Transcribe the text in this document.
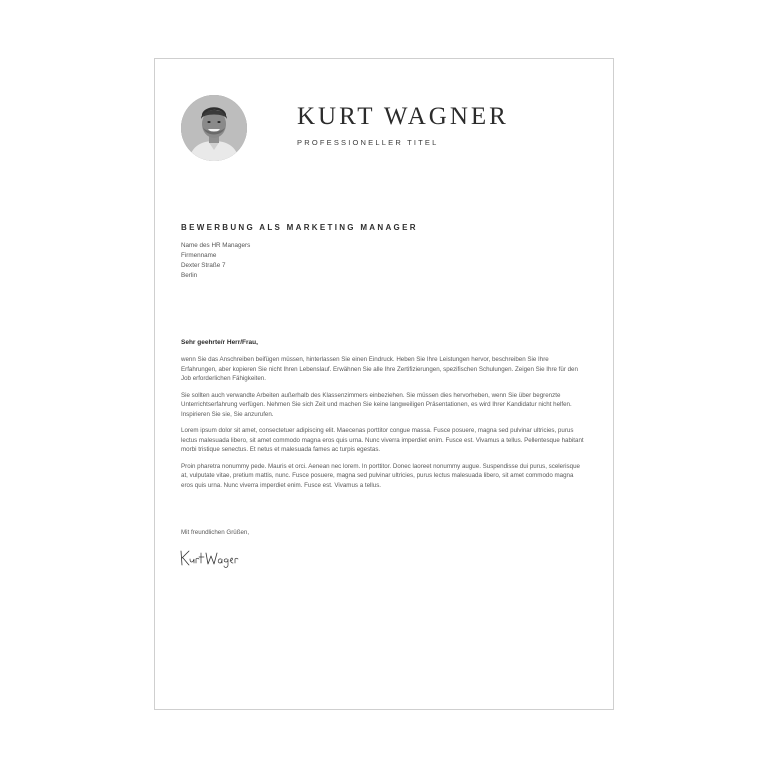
KURT WAGNER
PROFESSIONELLER TITEL
BEWERBUNG ALS MARKETING MANAGER
Name des HR Managers
Firmenname
Dexter Straße 7
Berlin
Sehr geehrte/r Herr/Frau,

wenn Sie das Anschreiben beifügen müssen, hinterlassen Sie einen Eindruck. Heben Sie Ihre Leistungen hervor, beschreiben Sie Ihre Erfahrungen, aber kopieren Sie nicht Ihren Lebenslauf. Erwähnen Sie alle Ihre Zertifizierungen, spezifischen Schulungen. Zeigen Sie Ihre für den Job erforderlichen Fähigkeiten.

Sie sollten auch verwandte Arbeiten außerhalb des Klassenzimmers einbeziehen. Sie müssen dies hervorheben, wenn Sie über begrenzte Unterrichtserfahrung verfügen. Nehmen Sie sich Zeit und machen Sie keine langweiligen Präsentationen, es wird Ihrer Kandidatur nicht helfen. Inspirieren Sie sie, Sie anzurufen.

Lorem ipsum dolor sit amet, consectetuer adipiscing elit. Maecenas porttitor congue massa. Fusce posuere, magna sed pulvinar ultricies, purus lectus malesuada libero, sit amet commodo magna eros quis urna. Nunc viverra imperdiet enim. Fusce est. Vivamus a tellus. Pellentesque habitant morbi tristique senectus. Et netus et malesuada fames ac turpis egestas.

Proin pharetra nonummy pede. Mauris et orci. Aenean nec lorem. In porttitor. Donec laoreet nonummy augue. Suspendisse dui purus, scelerisque at, vulputate vitae, pretium mattis, nunc. Fusce posuere, magna sed pulvinar ultricies, purus lectus malesuada libero, sit amet commodo magna eros quis urna. Nunc viverra imperdiet enim. Fusce est. Vivamus a tellus.

Mit freundlichen Grüßen,
